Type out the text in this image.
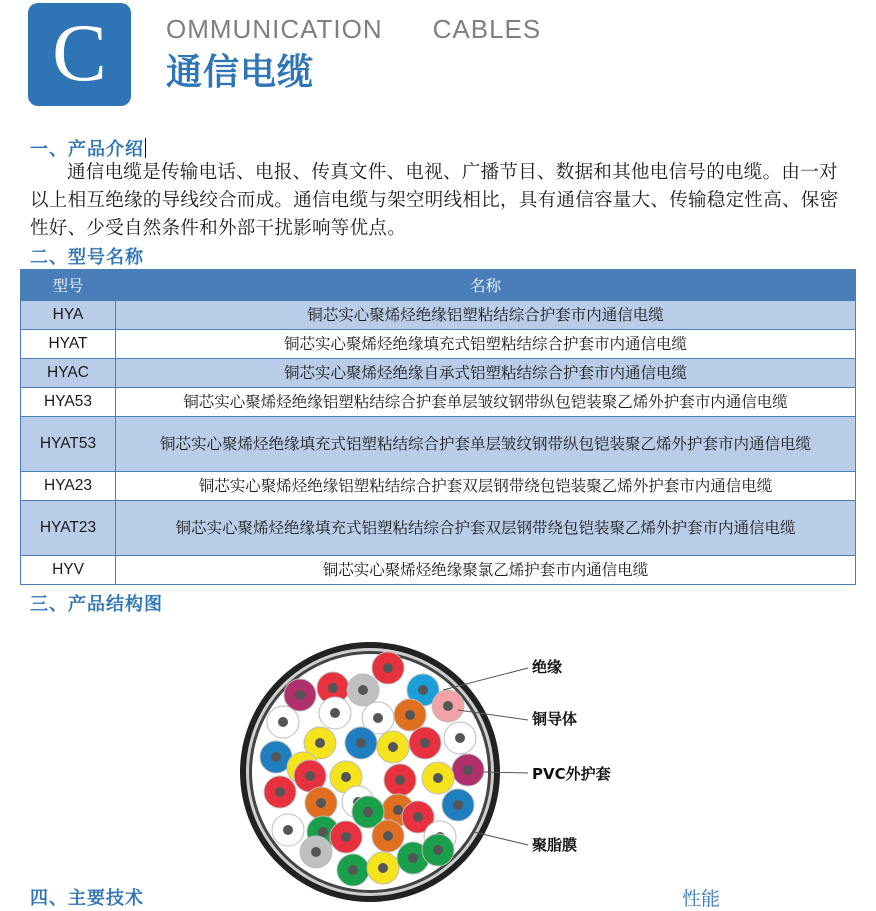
C OMMUNICATION CABLES
通信电缆
一、产品介绍
通信电缆是传输电话、电报、传真文件、电视、广播节目、数据和其他电信号的电缆。由一对以上相互绝缘的导线绞合而成。通信电缆与架空明线相比，具有通信容量大、传输稳定性高、保密性好、少受自然条件和外部干扰影响等优点。
二、型号名称
型号	名称
HYA	铜芯实心聚烯烃绝缘铝塑粘结综合护套市内通信电缆
HYAT	铜芯实心聚烯烃绝缘填充式铝塑粘结综合护套市内通信电缆
HYAC	铜芯实心聚烯烃绝缘自承式铝塑粘结综合护套市内通信电缆
HYA53	铜芯实心聚烯烃绝缘铝塑粘结综合护套单层皱纹钢带纵包铠装聚乙烯外护套市内通信电缆
HYAT53	铜芯实心聚烯烃绝缘填充式铝塑粘结综合护套单层皱纹钢带纵包铠装聚乙烯外护套市内通信电缆
HYA23	铜芯实心聚烯烃绝缘铝塑粘结综合护套双层钢带绕包铠装聚乙烯外护套市内通信电缆
HYAT23	铜芯实心聚烯烃绝缘填充式铝塑粘结综合护套双层钢带绕包铠装聚乙烯外护套市内通信电缆
HYV	铜芯实心聚烯烃绝缘聚氯乙烯护套市内通信电缆
三、产品结构图
绝缘
铜导体
PVC外护套
聚脂膜
四、主要技术	性能
